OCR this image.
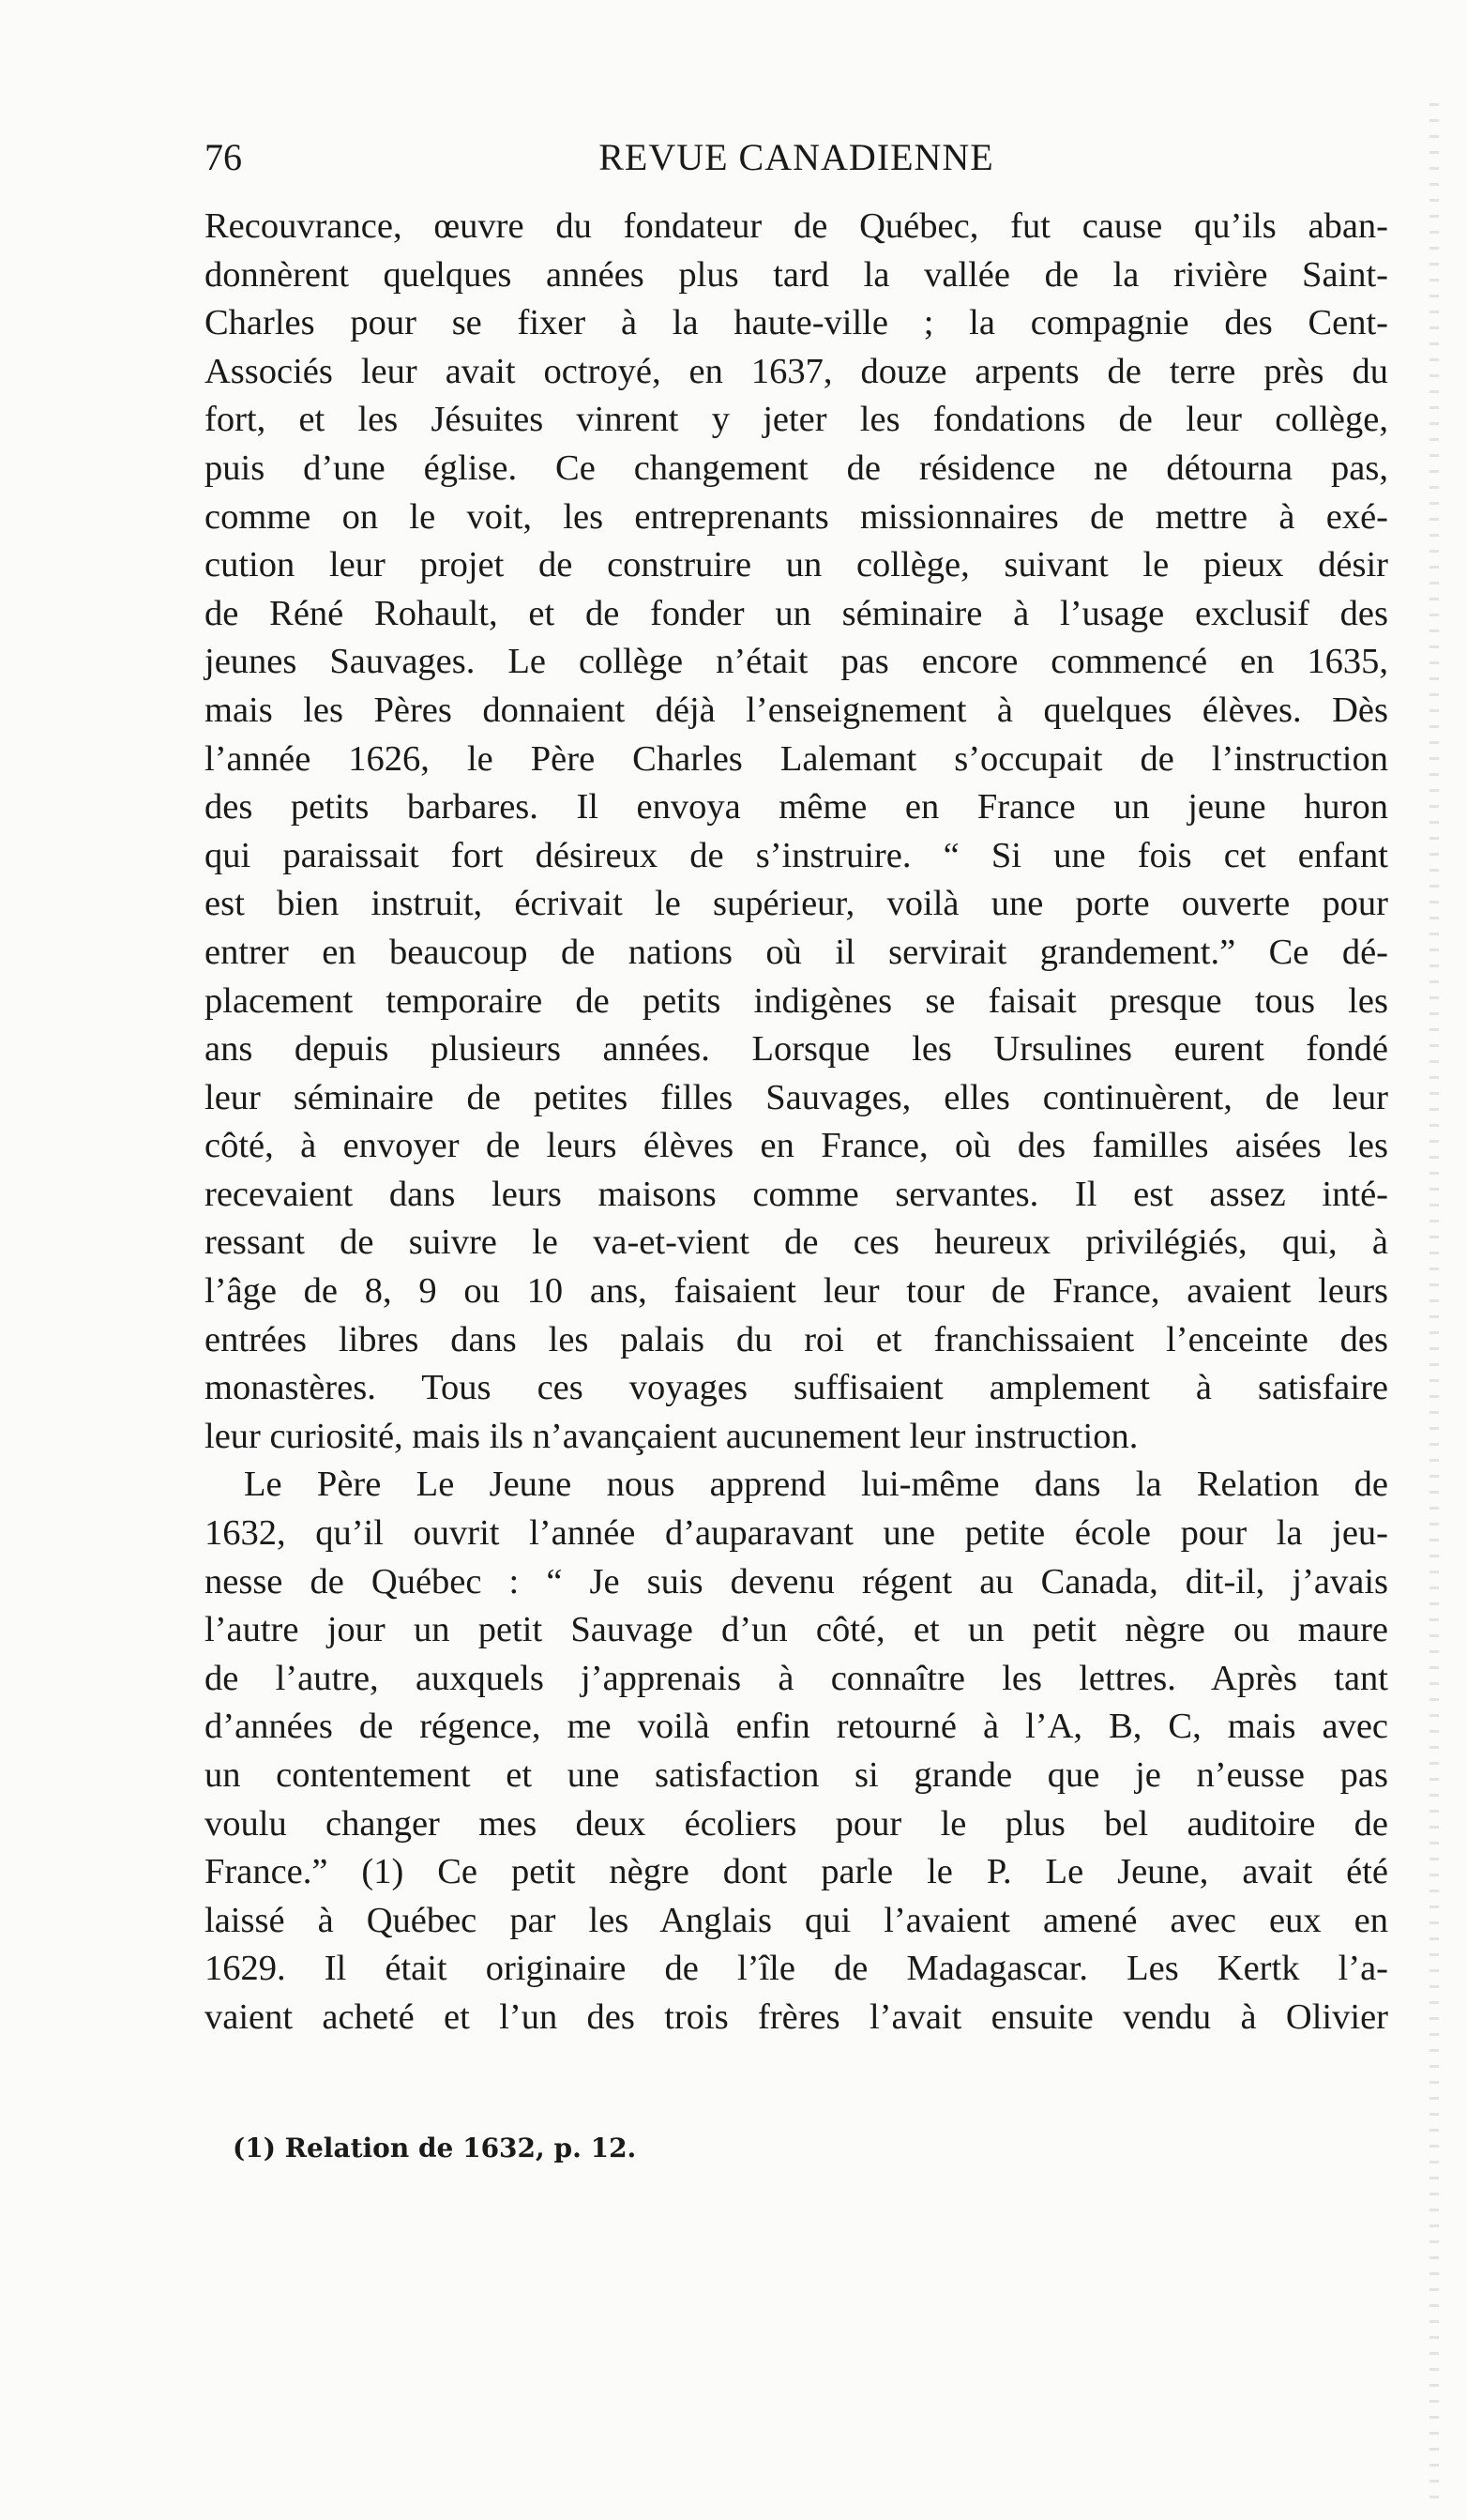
76	REVUE CANADIENNE
Recouvrance, œuvre du fondateur de Québec, fut cause qu’ils aban-
donnèrent quelques années plus tard la vallée de la rivière Saint-
Charles pour se fixer à la haute-ville ; la compagnie des Cent-
Associés leur avait octroyé, en 1637, douze arpents de terre près du
fort, et les Jésuites vinrent y jeter les fondations de leur collège,
puis d’une église. Ce changement de résidence ne détourna pas,
comme on le voit, les entreprenants missionnaires de mettre à exé-
cution leur projet de construire un collège, suivant le pieux désir
de Réné Rohault, et de fonder un séminaire à l’usage exclusif des
jeunes Sauvages. Le collège n’était pas encore commencé en 1635,
mais les Pères donnaient déjà l’enseignement à quelques élèves. Dès
l’année 1626, le Père Charles Lalemant s’occupait de l’instruction
des petits barbares. Il envoya même en France un jeune huron
qui paraissait fort désireux de s’instruire. “ Si une fois cet enfant
est bien instruit, écrivait le supérieur, voilà une porte ouverte pour
entrer en beaucoup de nations où il servirait grandement.” Ce dé-
placement temporaire de petits indigènes se faisait presque tous les
ans depuis plusieurs années. Lorsque les Ursulines eurent fondé
leur séminaire de petites filles Sauvages, elles continuèrent, de leur
côté, à envoyer de leurs élèves en France, où des familles aisées les
recevaient dans leurs maisons comme servantes. Il est assez inté-
ressant de suivre le va-et-vient de ces heureux privilégiés, qui, à
l’âge de 8, 9 ou 10 ans, faisaient leur tour de France, avaient leurs
entrées libres dans les palais du roi et franchissaient l’enceinte des
monastères. Tous ces voyages suffisaient amplement à satisfaire
leur curiosité, mais ils n’avançaient aucunement leur instruction.
Le Père Le Jeune nous apprend lui-même dans la Relation de
1632, qu’il ouvrit l’année d’auparavant une petite école pour la jeu-
nesse de Québec : “ Je suis devenu régent au Canada, dit-il, j’avais
l’autre jour un petit Sauvage d’un côté, et un petit nègre ou maure
de l’autre, auxquels j’apprenais à connaître les lettres. Après tant
d’années de régence, me voilà enfin retourné à l’A, B, C, mais avec
un contentement et une satisfaction si grande que je n’eusse pas
voulu changer mes deux écoliers pour le plus bel auditoire de
France.” (1) Ce petit nègre dont parle le P. Le Jeune, avait été
laissé à Québec par les Anglais qui l’avaient amené avec eux en
1629. Il était originaire de l’île de Madagascar. Les Kertk l’a-
vaient acheté et l’un des trois frères l’avait ensuite vendu à Olivier
(1) Relation de 1632, p. 12.
